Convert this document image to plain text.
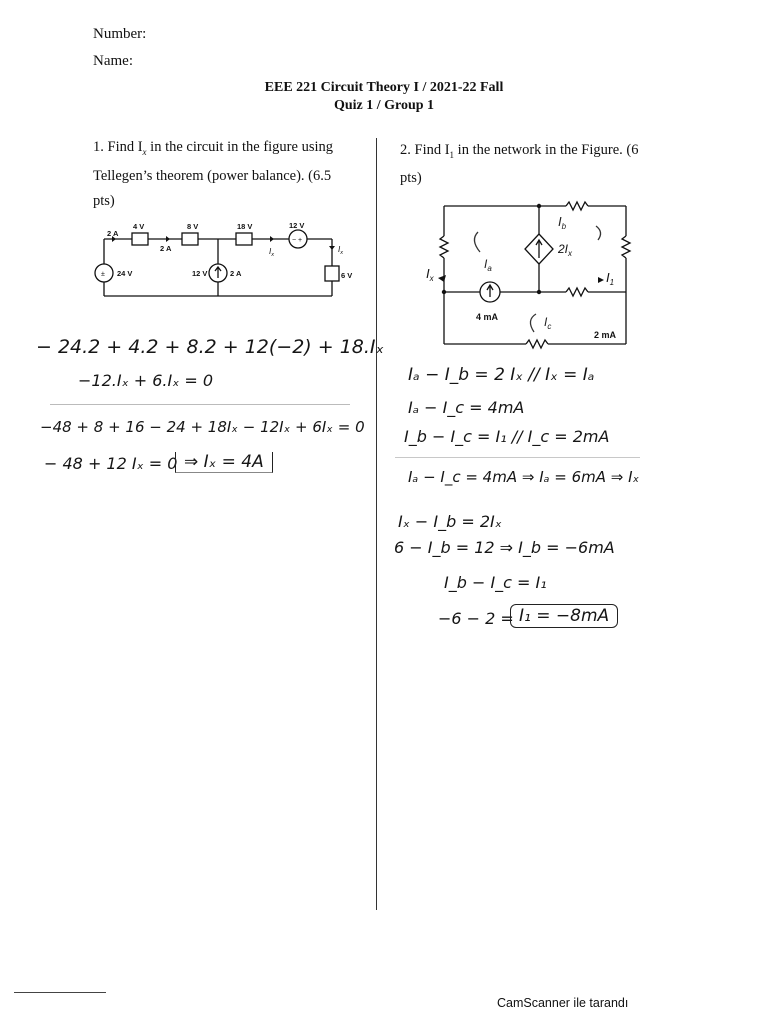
Number:
Name:
EEE 221 Circuit Theory I / 2021-22 Fall
Quiz 1 / Group 1
1. Find $I_x$ in the circuit in the figure using
Tellegen’s theorem (power balance). (6.5
pts)
2 A
4 V	8 V	18 V	12 V
2 A
24 V	12 V	2 A	6 V
$I_x$
$I_x$
±
− +
− 24.2 + 4.2 + 8.2 + 12(−2) + 18.Iₓ
−12.Iₓ + 6.Iₓ = 0
−48 + 8 + 16 − 24 + 18Iₓ − 12Iₓ + 6Iₓ = 0
− 48 + 12 Iₓ = 0 ⇒ Iₓ = 4A
2. Find $I_1$ in the network in the Figure. (6
pts)
$2I_x$
$I_x$	$I_1$
4 mA
2 mA
$I_b$
$I_a$
$I_c$
Iₐ − I_b = 2 Iₓ // Iₓ = Iₐ
Iₐ − I_c = 4mA
I_b − I_c = I₁ // I_c = 2mA
Iₐ − I_c = 4mA ⇒ Iₐ = 6mA ⇒ Iₓ
Iₓ − I_b = 2Iₓ
6 − I_b = 12 ⇒ I_b = −6mA
I_b − I_c = I₁
−6 − 2 = I₁ = −8mA
CamScanner ile tarandı
